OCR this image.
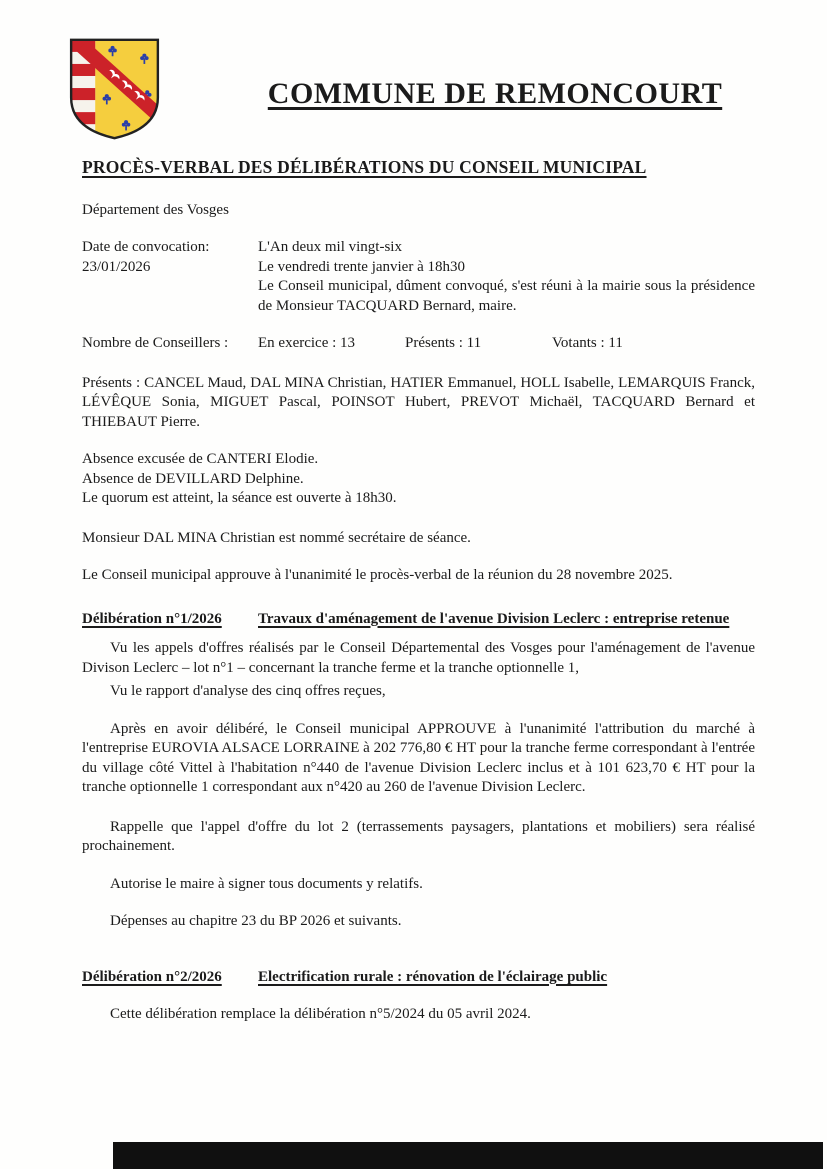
COMMUNE DE REMONCOURT
PROCÈS-VERBAL DES DÉLIBÉRATIONS DU CONSEIL MUNICIPAL

Département des Vosges

Date de convocation:
23/01/2026
L'An deux mil vingt-six
Le vendredi trente janvier à 18h30
Le Conseil municipal, dûment convoqué, s'est réuni à la mairie sous la présidence de Monsieur TACQUARD Bernard, maire.
Nombre de Conseillers :	En exercice : 13	Présents : 11	Votants : 11

Présents : CANCEL Maud, DAL MINA Christian, HATIER Emmanuel, HOLL Isabelle, LEMARQUIS Franck, LÉVÊQUE Sonia, MIGUET Pascal, POINSOT Hubert, PREVOT Michaël, TACQUARD Bernard et THIEBAUT Pierre.

Absence excusée de CANTERI Elodie.

Absence de DEVILLARD Delphine.

Le quorum est atteint, la séance est ouverte à 18h30.

Monsieur DAL MINA Christian est nommé secrétaire de séance.

Le Conseil municipal approuve à l'unanimité le procès-verbal de la réunion du 28 novembre 2025.

Délibération n°1/2026	Travaux d'aménagement de l'avenue Division Leclerc : entreprise retenue

Vu les appels d'offres réalisés par le Conseil Départemental des Vosges pour l'aménagement de l'avenue Divison Leclerc – lot n°1 – concernant la tranche ferme et la tranche optionnelle 1,

Vu le rapport d'analyse des cinq offres reçues,

Après en avoir délibéré, le Conseil municipal APPROUVE à l'unanimité l'attribution du marché à l'entreprise EUROVIA ALSACE LORRAINE à 202 776,80 € HT pour la tranche ferme correspondant à l'entrée du village côté Vittel à l'habitation n°440 de l'avenue Division Leclerc inclus et à 101 623,70 € HT pour la tranche optionnelle 1 correspondant aux n°420 au 260 de l'avenue Division Leclerc.

Rappelle que l'appel d'offre du lot 2 (terrassements paysagers, plantations et mobiliers) sera réalisé prochainement.

Autorise le maire à signer tous documents y relatifs.

Dépenses au chapitre 23 du BP 2026 et suivants.

Délibération n°2/2026	Electrification rurale : rénovation de l'éclairage public

Cette délibération remplace la délibération n°5/2024 du 05 avril 2024.
